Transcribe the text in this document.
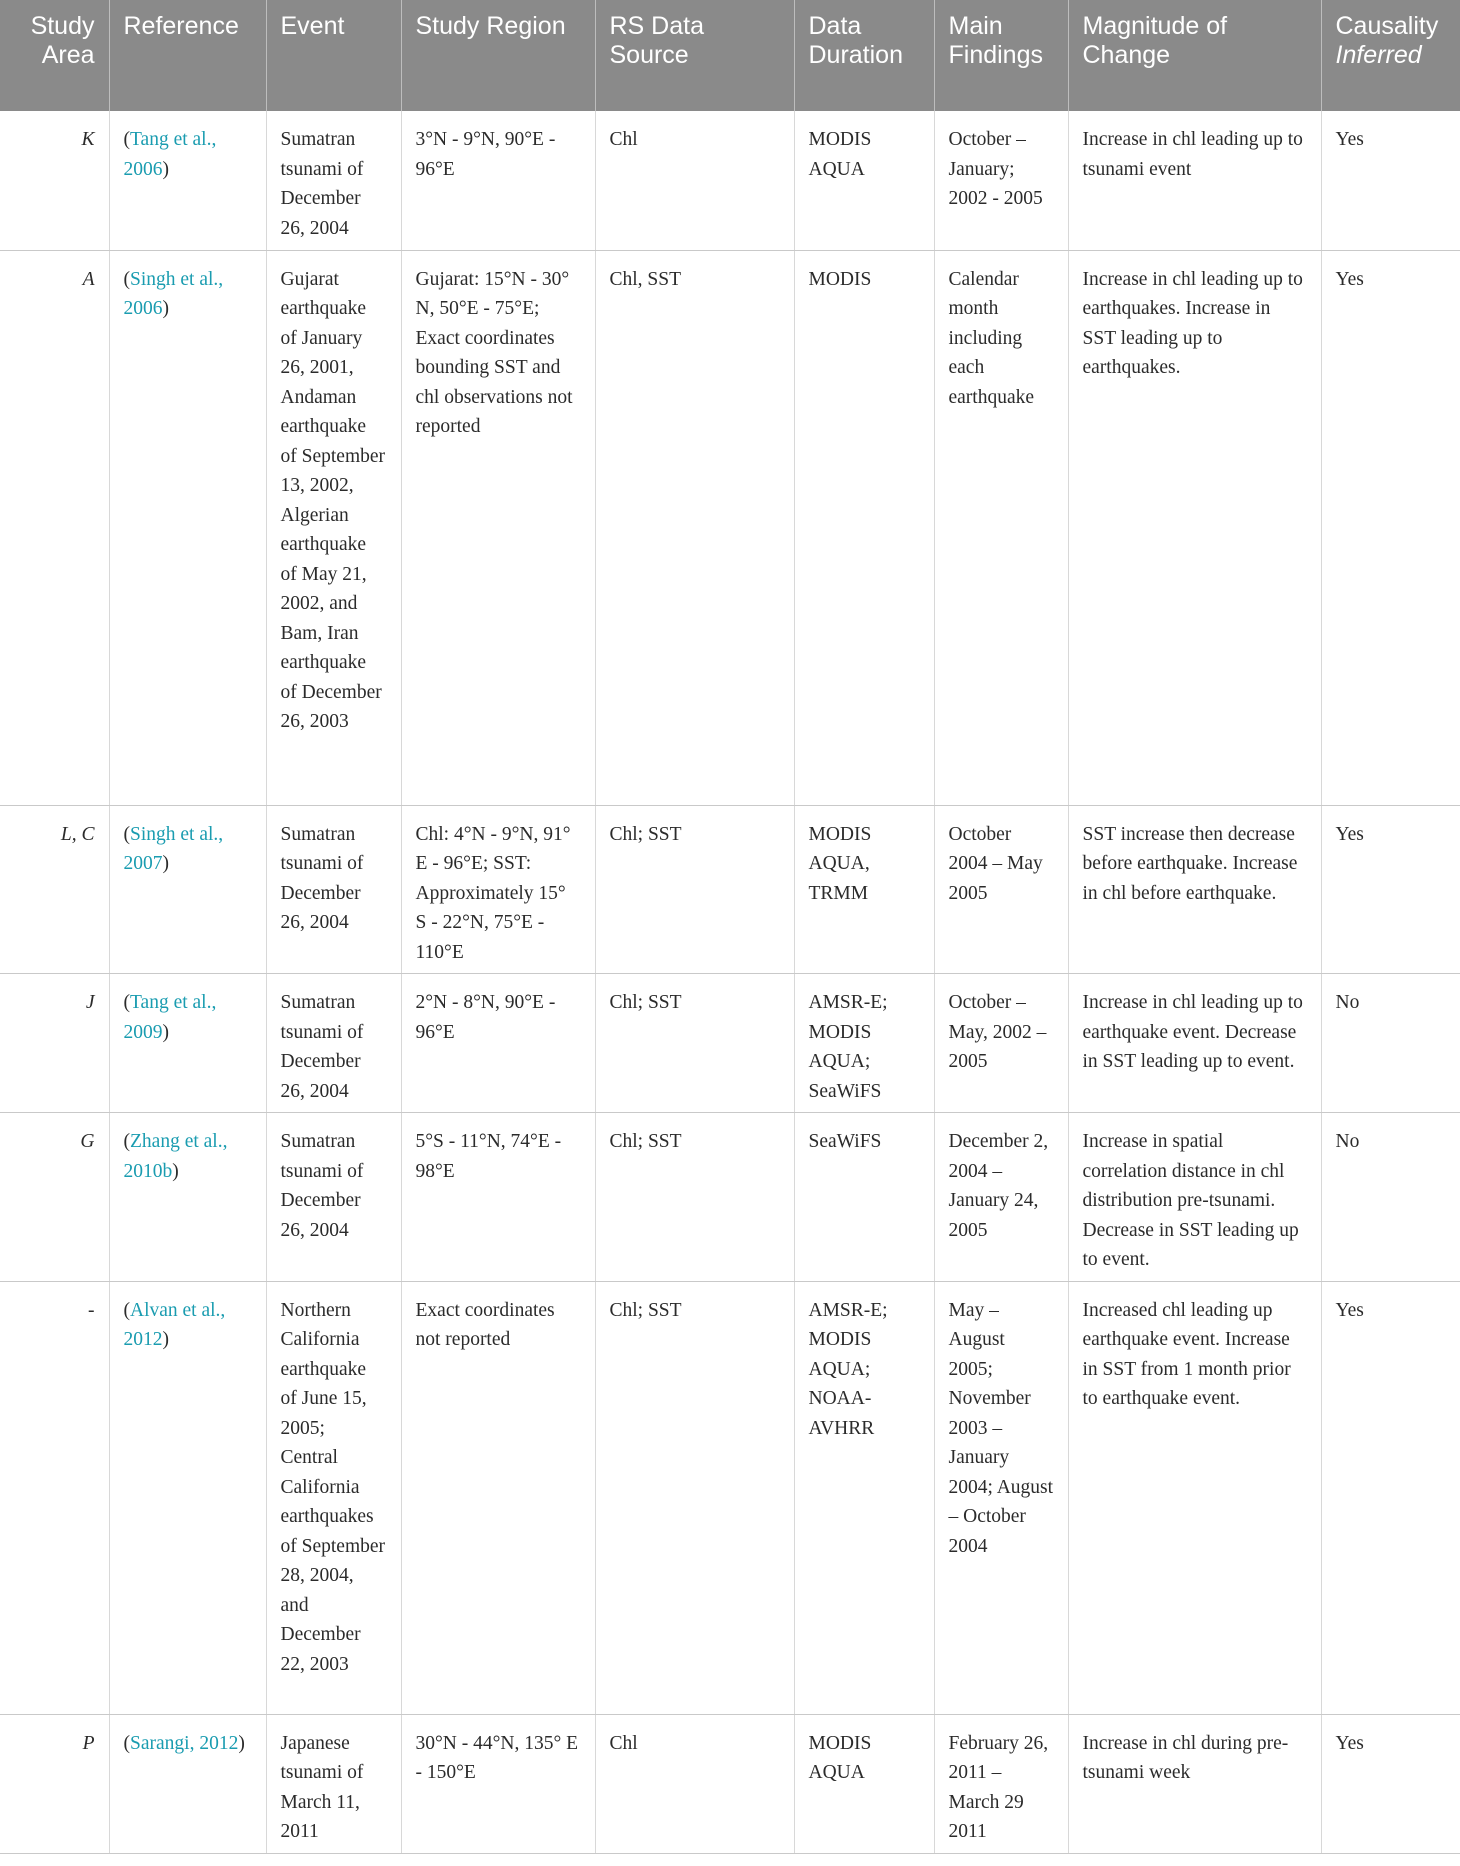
Study Area	Reference	Event	Study Region	RS Data Source	Data Duration	Main Findings	Magnitude of Change	Causality Inferred
K	(Tang et al., 2006)	Sumatran tsunami of December 26, 2004	3°N - 9°N, 90°E - 96°E	Chl	MODIS AQUA	October – January; 2002 - 2005	Increase in chl leading up to tsunami event	Yes
A	(Singh et al., 2006)	Gujarat earthquake of January 26, 2001, Andaman earthquake of September 13, 2002, Algerian earthquake of May 21, 2002, and Bam, Iran earthquake of December 26, 2003	Gujarat: 15°N - 30° N, 50°E - 75°E; Exact coordinates bounding SST and chl observations not reported	Chl, SST	MODIS	Calendar month including each earthquake	Increase in chl leading up to earthquakes. Increase in SST leading up to earthquakes.	Yes
L, C	(Singh et al., 2007)	Sumatran tsunami of December 26, 2004	Chl: 4°N - 9°N, 91° E - 96°E; SST: Approximately 15° S - 22°N, 75°E - 110°E	Chl; SST	MODIS AQUA, TRMM	October 2004 – May 2005	SST increase then decrease before earthquake. Increase in chl before earthquake.	Yes
J	(Tang et al., 2009)	Sumatran tsunami of December 26, 2004	2°N - 8°N, 90°E - 96°E	Chl; SST	AMSR-E; MODIS AQUA; SeaWiFS	October – May, 2002 – 2005	Increase in chl leading up to earthquake event. Decrease in SST leading up to event.	No
G	(Zhang et al., 2010b)	Sumatran tsunami of December 26, 2004	5°S - 11°N, 74°E - 98°E	Chl; SST	SeaWiFS	December 2, 2004 – January 24, 2005	Increase in spatial correlation distance in chl distribution pre-tsunami. Decrease in SST leading up to event.	No
-	(Alvan et al., 2012)	Northern California earthquake of June 15, 2005; Central California earthquakes of September 28, 2004, and December 22, 2003	Exact coordinates not reported	Chl; SST	AMSR-E; MODIS AQUA; NOAA-AVHRR	May – August 2005; November 2003 – January 2004; August – October 2004	Increased chl leading up earthquake event. Increase in SST from 1 month prior to earthquake event.	Yes
P	(Sarangi, 2012)	Japanese tsunami of March 11, 2011	30°N - 44°N, 135° E - 150°E	Chl	MODIS AQUA	February 26, 2011 – March 29 2011	Increase in chl during pre-tsunami week	Yes
